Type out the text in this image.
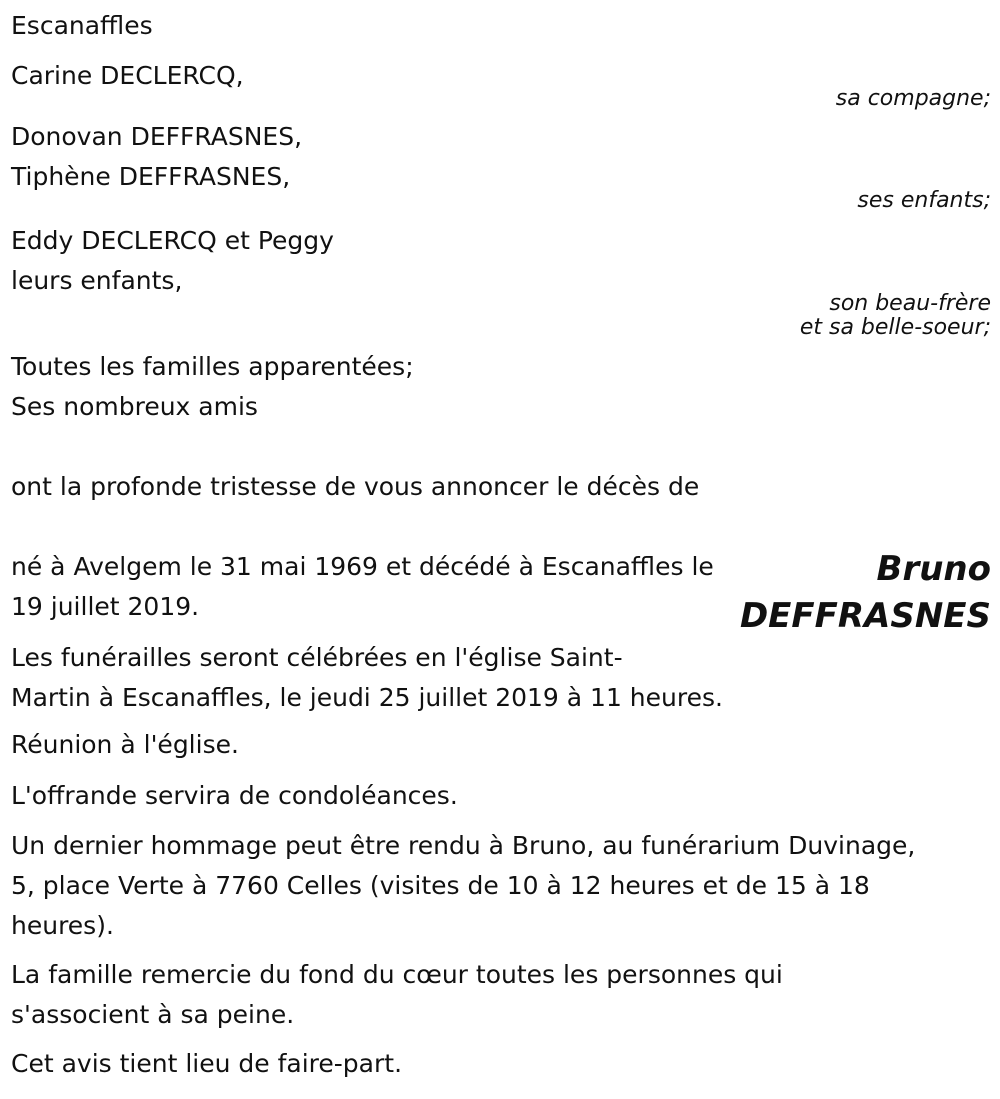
Escanaffles
Carine DECLERCQ,
sa compagne;
Donovan DEFFRASNES,
Tiphène DEFFRASNES,
ses enfants;
Eddy DECLERCQ et Peggy
leurs enfants,
son beau-frère
et sa belle-soeur;
Toutes les familles apparentées;
Ses nombreux amis
ont la profonde tristesse de vous annoncer le décès de
Bruno
DEFFRASNES
né à Avelgem le 31 mai 1969 et décédé à Escanaffles le
19 juillet 2019.
Les funérailles seront célébrées en l'église Saint-
Martin à Escanaffles, le jeudi 25 juillet 2019 à 11 heures.
Réunion à l'église.
L'offrande servira de condoléances.
Un dernier hommage peut être rendu à Bruno, au funérarium Duvinage,
5, place Verte à 7760 Celles (visites de 10 à 12 heures et de 15 à 18
heures).
La famille remercie du fond du cœur toutes les personnes qui
s'associent à sa peine.
Cet avis tient lieu de faire-part.
